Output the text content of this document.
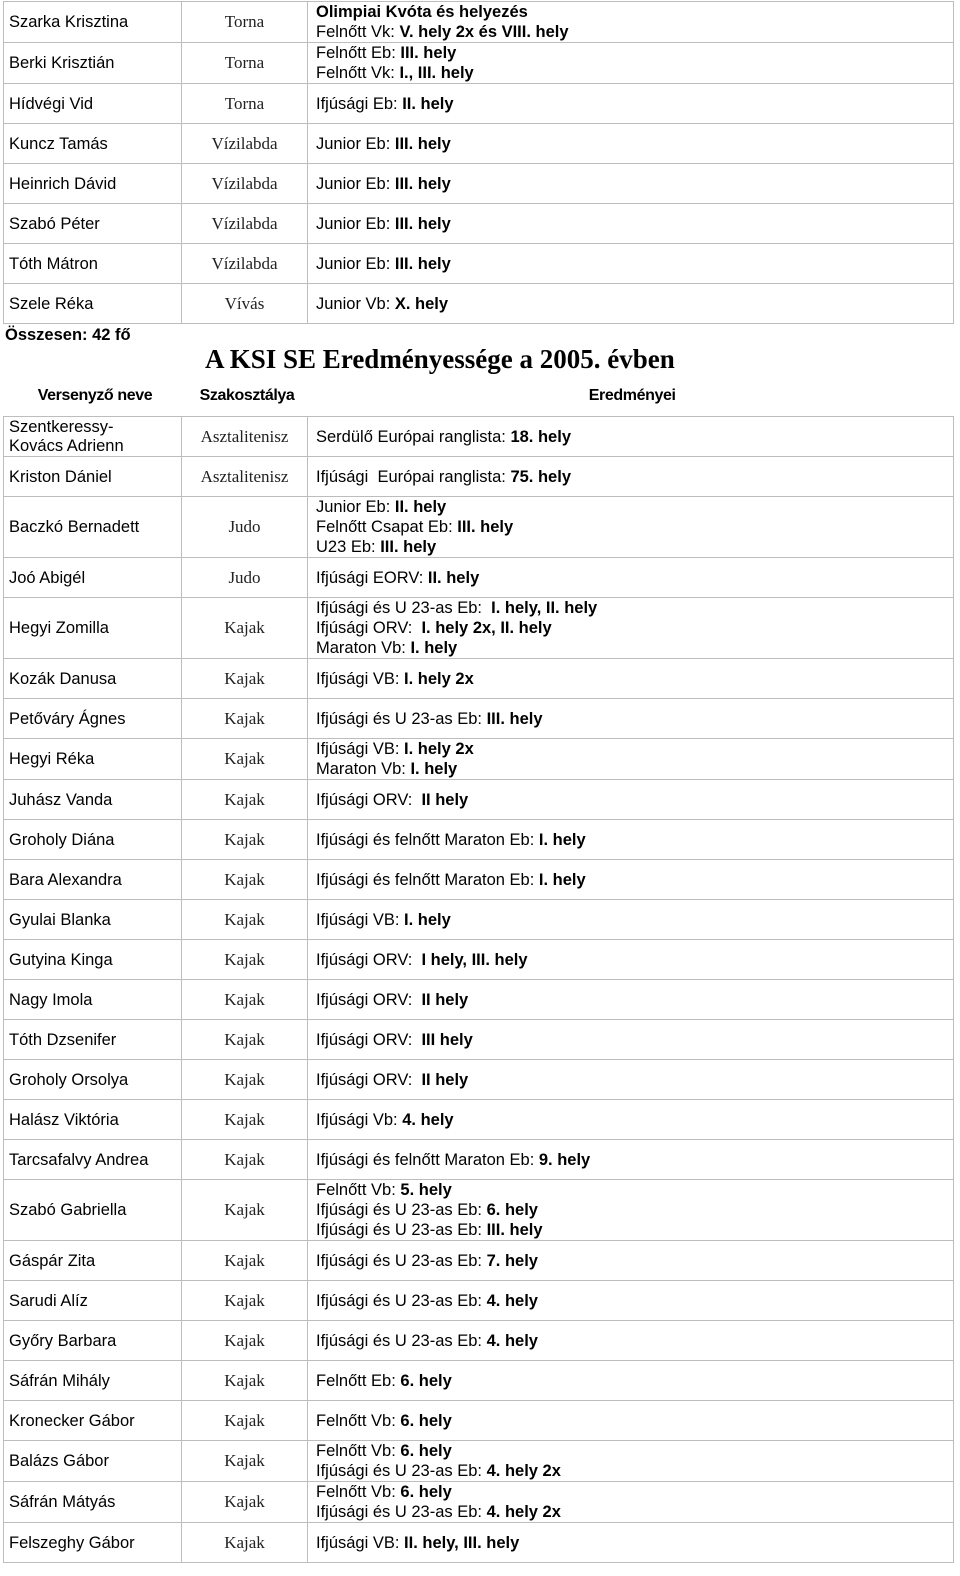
Szarka Krisztina	Torna	Olimpiai Kvóta és helyezés
Felnőtt Vk: V. hely 2x és VIII. hely

Berki Krisztián	Torna	Felnőtt Eb: III. hely
Felnőtt Vk: I., III. hely

Hídvégi Vid	Torna	Ifjúsági Eb: II. hely

Kuncz Tamás	Vízilabda	Junior Eb: III. hely

Heinrich Dávid	Vízilabda	Junior Eb: III. hely

Szabó Péter	Vízilabda	Junior Eb: III. hely

Tóth Mátron	Vízilabda	Junior Eb: III. hely

Szele Réka	Vívás	Junior Vb: X. hely
Összesen: 42 fő
A KSI SE Eredményessége a 2005. évben
Versenyző neve	Szakosztálya	Eredményei
Szentkeressy-
Kovács Adrienn	Asztalitenisz	Serdülő Európai ranglista: 18. hely

Kriston Dániel	Asztalitenisz	Ifjúsági  Európai ranglista: 75. hely

Baczkó Bernadett	Judo	Junior Eb: II. hely
Felnőtt Csapat Eb: III. hely
U23 Eb: III. hely

Joó Abigél	Judo	Ifjúsági EORV: II. hely

Hegyi Zomilla	Kajak	Ifjúsági és U 23-as Eb:  I. hely, II. hely
Ifjúsági ORV:  I. hely 2x, II. hely
Maraton Vb: I. hely

Kozák Danusa	Kajak	Ifjúsági VB: I. hely 2x

Petőváry Ágnes	Kajak	Ifjúsági és U 23-as Eb: III. hely

Hegyi Réka	Kajak	Ifjúsági VB: I. hely 2x
Maraton Vb: I. hely

Juhász Vanda	Kajak	Ifjúsági ORV:  II hely

Groholy Diána	Kajak	Ifjúsági és felnőtt Maraton Eb: I. hely

Bara Alexandra	Kajak	Ifjúsági és felnőtt Maraton Eb: I. hely

Gyulai Blanka	Kajak	Ifjúsági VB: I. hely

Gutyina Kinga	Kajak	Ifjúsági ORV:  I hely, III. hely

Nagy Imola	Kajak	Ifjúsági ORV:  II hely

Tóth Dzsenifer	Kajak	Ifjúsági ORV:  III hely

Groholy Orsolya	Kajak	Ifjúsági ORV:  II hely

Halász Viktória	Kajak	Ifjúsági Vb: 4. hely

Tarcsafalvy Andrea	Kajak	Ifjúsági és felnőtt Maraton Eb: 9. hely

Szabó Gabriella	Kajak	Felnőtt Vb: 5. hely
Ifjúsági és U 23-as Eb: 6. hely
Ifjúsági és U 23-as Eb: III. hely

Gáspár Zita	Kajak	Ifjúsági és U 23-as Eb: 7. hely

Sarudi Alíz	Kajak	Ifjúsági és U 23-as Eb: 4. hely

Győry Barbara	Kajak	Ifjúsági és U 23-as Eb: 4. hely

Sáfrán Mihály	Kajak	Felnőtt Eb: 6. hely

Kronecker Gábor	Kajak	Felnőtt Vb: 6. hely

Balázs Gábor	Kajak	Felnőtt Vb: 6. hely
Ifjúsági és U 23-as Eb: 4. hely 2x

Sáfrán Mátyás	Kajak	Felnőtt Vb: 6. hely
Ifjúsági és U 23-as Eb: 4. hely 2x

Felszeghy Gábor	Kajak	Ifjúsági VB: II. hely, III. hely
